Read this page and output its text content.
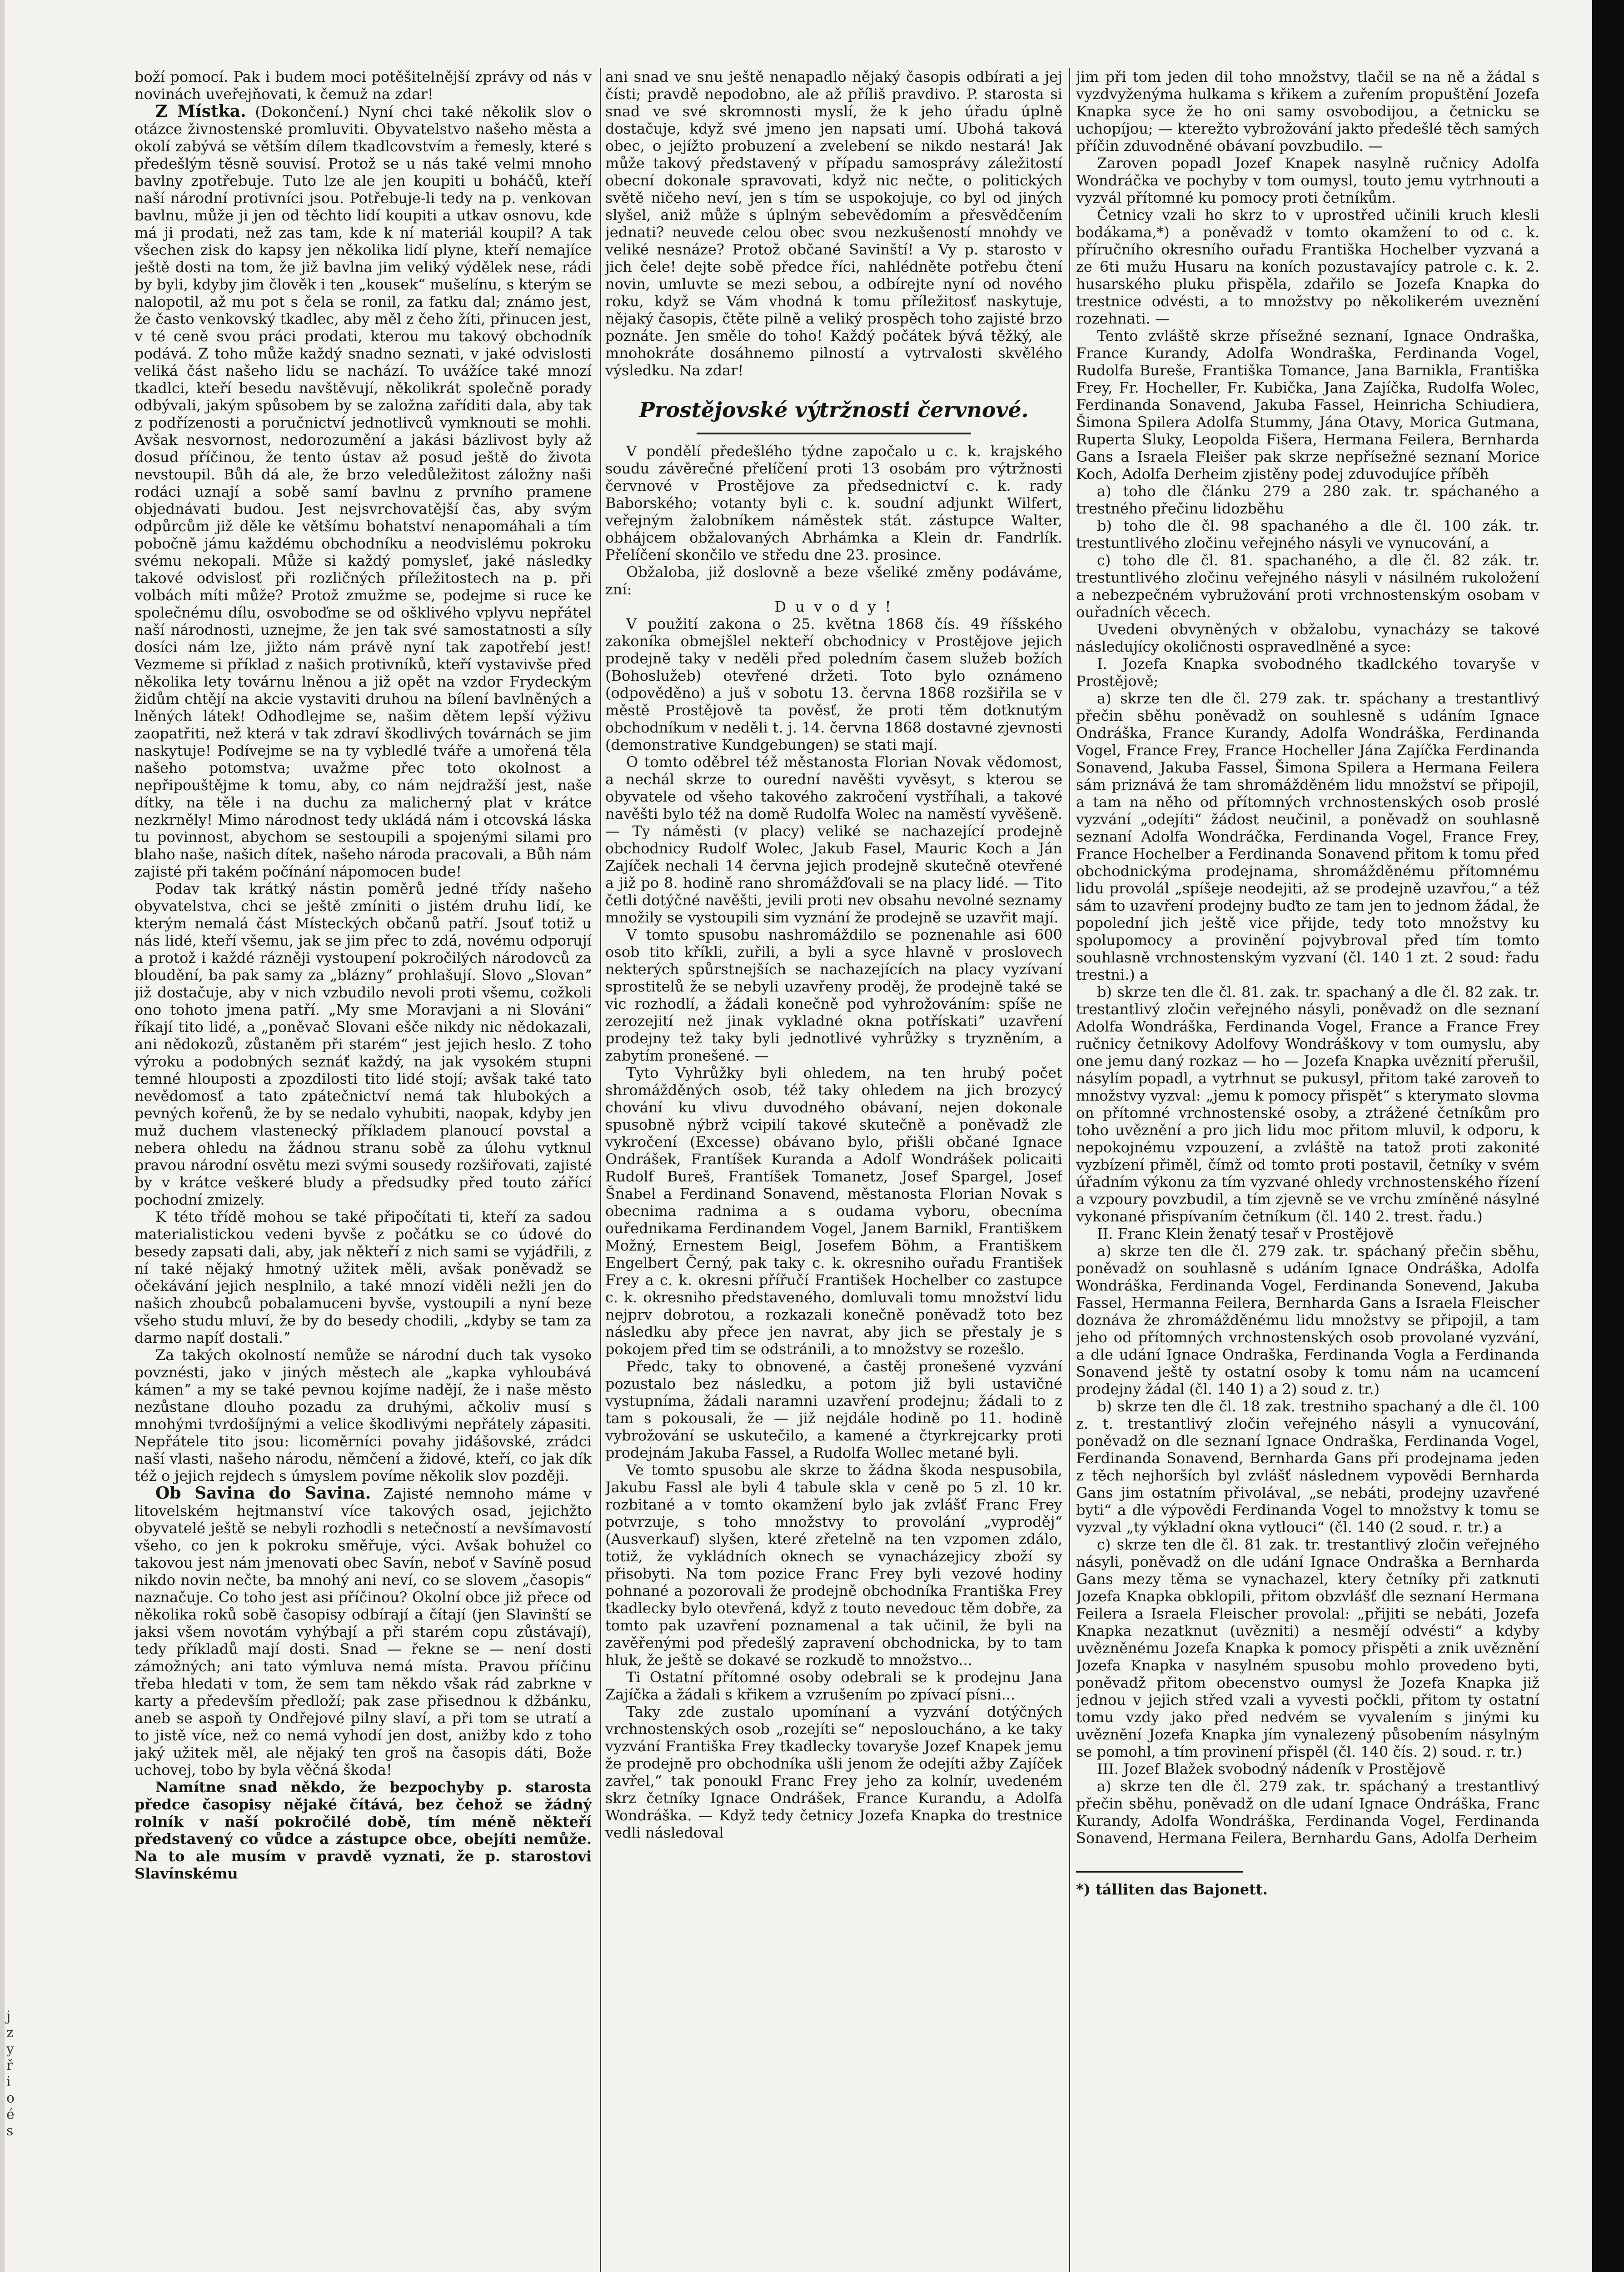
j
z
y
ř
i
o
é
s

boží pomocí. Pak i budem moci potěšitelnější zprávy od nás v novinách uveřejňovati, k čemuž na zdar!

Z Místka. (Dokončení.) Nyní chci také několik slov o otázce živnostenské promluviti. Obyvatelstvo našeho města a okolí zabývá se větším dílem tkadlcovstvím a řemesly, které s předešlým těsně souvisí. Protož se u nás také velmi mnoho bavlny zpotřebuje. Tuto lze ale jen koupiti u boháčů, kteří naší národní protivníci jsou. Potřebuje-li tedy na p. venkovan bavlnu, může ji jen od těchto lidí koupiti a utkav osnovu, kde má ji prodati, než zas tam, kde k ní materiál koupil? A tak všechen zisk do kapsy jen několika lidí plyne, kteří nemajíce ještě dosti na tom, že již bavlna jim veliký výdělek nese, rádi by byli, kdyby jim člověk i ten „kousek“ mušelínu, s kterým se nalopotil, až mu pot s čela se ronil, za fatku dal; známo jest, že často venkovský tkadlec, aby měl z čeho žíti, přinucen jest, v té ceně svou práci prodati, kterou mu takový obchodník podává. Z toho může každý snadno seznati, v jaké odvislosti veliká část našeho lidu se nachází. To uvážíce také mnozí tkadlci, kteří besedu navštěvují, několikrát společně porady odbývali, jakým spůsobem by se založna zaříditi dala, aby tak z podřízenosti a poručnictví jednotlivců vymknouti se mohli. Avšak nesvornost, nedorozumění a jakási bázlivost byly až dosud příčinou, že tento ústav až posud ještě do života nevstoupil. Bůh dá ale, že brzo veledůležitost záložny naši rodáci uznají a sobě samí bavlnu z prvního pramene objednávati budou. Jest nejsvrchovatější čas, aby svým odpůrcům již děle ke většímu bohatství nenapomáhali a tím pobočně jámu každému obchodníku a neodvislému pokroku svému nekopali. Může si každý pomysleť, jaké následky takové odvislosť při rozličných příležitostech na p. při volbách míti může? Protož zmužme se, podejme si ruce ke společnému dílu, osvoboďme se od ošklivého vplyvu nepřátel naší národnosti, uznejme, že jen tak své samostatnosti a síly dosíci nám lze, jižto nám právě nyní tak zapotřebí jest! Vezmeme si příklad z našich protivníků, kteří vystavivše před několika lety továrnu lněnou a již opět na vzdor Frydeckým židům chtějí na akcie vystaviti druhou na bílení bavlněných a lněných látek! Odhodlejme se, našim dětem lepší výživu zaopatřiti, než která v tak zdraví škodlivých továrnách se jim naskytuje! Podívejme se na ty vybledlé tváře a umořená těla našeho potomstva; uvažme přec toto okolnost a nepřipouštějme k tomu, aby, co nám nejdražší jest, naše dítky, na těle i na duchu za malicherný plat v krátce nezkrněly! Mimo národnost tedy ukládá nám i otcovská láska tu povinnost, abychom se sestoupili a spojenými silami pro blaho naše, našich dítek, našeho národa pracovali, a Bůh nám zajisté při takém počínání nápomocen bude!

Podav tak krátký nástin poměrů jedné třídy našeho obyvatelstva, chci se ještě zmíniti o jistém druhu lidí, ke kterým nemalá část Místeckých občanů patří. Jsouť totiž u nás lidé, kteří všemu, jak se jim přec to zdá, novému odporují a protož i každé rázněji vystoupení pokročilých národovců za bloudění, ba pak samy za „bláznyˮ prohlašují. Slovo „Slovanˮ již dostačuje, aby v nich vzbudilo nevoli proti všemu, cožkoli ono tohoto jmena patří. „My sme Moravjani a ni Slováni“ říkají tito lidé, a „poněvač Slovani ešče nikdy nic nědokazali, ani nědokozů, zůstaněm při starém“ jest jejich heslo. Z toho výroku a podobných seznáť každý, na jak vysokém stupni temné hlouposti a zpozdilosti tito lidé stojí; avšak také tato nevědomosť a tato zpátečnictví nemá tak hlubokých a pevných kořenů, že by se nedalo vyhubiti, naopak, kdyby jen muž duchem vlastenecký příkladem planoucí povstal a nebera ohledu na žádnou stranu sobě za úlohu vytknul pravou národní osvětu mezi svými sousedy rozšiřovati, zajisté by v krátce veškeré bludy a předsudky před touto zářící pochodní zmizely.

K této třídě mohou se také připočítati ti, kteří za sadou materialistickou vedeni byvše z počátku se co údové do besedy zapsati dali, aby, jak někteří z nich sami se vyjádřili, z ní také nějaký hmotný užitek měli, avšak poněvadž se očekávání jejich nesplnilo, a také mnozí viděli nežli jen do našich zhoubců pobalamuceni byvše, vystoupili a nyní beze všeho studu mluví, že by do besedy chodili, „kdyby se tam za darmo napíť dostali.ˮ

Za takých okolností nemůže se národní duch tak vysoko povznésti, jako v jiných městech ale „kapka vyhloubává kámenˮ a my se také pevnou kojíme nadějí, že i naše město nezůstane dlouho pozadu za druhými, ačkoliv musí s mnohými tvrdošíjnými a velice škodlivými nepřátely zápasiti. Nepřátele tito jsou: licoměrníci povahy jidášovské, zrádci naší vlasti, našeho národu, němčení a židové, kteří, co jak dík též o jejich rejdech s úmyslem povíme několik slov později.

Ob Savina do Savina. Zajisté nemnoho máme v litovelském hejtmanství více takových osad, jejichžto obyvatelé ještě se nebyli rozhodli s netečností a nevšímavostí všeho, co jen k pokroku směřuje, výci. Avšak bohužel co takovou jest nám jmenovati obec Savín, neboť v Savíně posud nikdo novin nečte, ba mnohý ani neví, co se slovem „časopis“ naznačuje. Co toho jest asi příčinou? Okolní obce již přece od několika roků sobě časopisy odbírají a čítají (jen Slavinští se jaksi všem novotám vyhýbají a při starém copu zůstávají), tedy příkladů mají dosti. Snad — řekne se — není dosti zámožných; ani tato výmluva nemá místa. Pravou příčinu třeba hledati v tom, že sem tam někdo však rád zabrkne v karty a především předloží; pak zase přisednou k džbánku, aneb se aspoň ty Ondřejové pilny slaví, a při tom se utratí a to jistě více, než co nemá vyhodí jen dost, anižby kdo z toho jaký užitek měl, ale nějaký ten groš na časopis dáti, Bože uchovej, tobo by byla věčná škoda!

Namítne snad někdo, že bezpochyby p. starosta předce časopisy nějaké čítává, bez čehož se žádný rolník v naší pokročilé době, tím méně někteří představený co vůdce a zástupce obce, obejíti nemůže. Na to ale musím v pravdě vyznati, že p. starostovi Slavínskému

ani snad ve snu ještě nenapadlo nějaký časopis odbírati a jej čísti; pravdě nepodobno, ale až příliš pravdivo. P. starosta si snad ve své skromnosti myslí, že k jeho úřadu úplně dostačuje, když své jmeno jen napsati umí. Ubohá taková obec, o jejížto probuzení a zvelebení se nikdo nestará! Jak může takový představený v případu samosprávy záležitostí obecní dokonale spravovati, když nic nečte, o politických světě ničeho neví, jen s tím se uspokojuje, co byl od jiných slyšel, aniž může s úplným sebevědomím a přesvědčením jednati? neuvede celou obec svou nezkušeností mnohdy ve veliké nesnáze? Protož občané Savinští! a Vy p. starosto v jich čele! dejte sobě předce říci, nahlédněte potřebu čtení novin, umluvte se mezi sebou, a odbírejte nyní od nového roku, když se Vám vhodná k tomu příležitosť naskytuje, nějaký časopis, čtěte pilně a veliký prospěch toho zajisté brzo poznáte. Jen směle do toho! Každý počátek bývá těžký, ale mnohokráte dosáhnemo pilností a vytrvalosti skvělého výsledku. Na zdar!

Prostějovské výtržnosti červnové.

V pondělí předešlého týdne započalo u c. k. krajského soudu závěrečné přelíčení proti 13 osobám pro výtržnosti červnové v Prostějove za předsednictví c. k. rady Baborského; votanty byli c. k. soudní adjunkt Wilfert, veřejným žalobníkem náměstek stát. zástupce Walter, obhájcem obžalovaných Abrhámka a Klein dr. Fandrlík. Přelíčení skončilo ve středu dne 23. prosince.

Obžaloba, již doslovně a beze všeliké změny podáváme, zní:

D u v o d y !

V použití zakona o 25. května 1868 čís. 49 říšského zakoníka obmejšlel nekteří obchodnicy v Prostějove jejich prodejně taky v neděli před poledním časem služeb božích (Bohoslužeb) otevřené držeti. Toto bylo oznámeno (odpověděno) a juš v sobotu 13. června 1868 rozšiřila se v městě Prostějově ta pověsť, že proti těm dotknutým obchodníkum v neděli t. j. 14. června 1868 dostavné zjevnosti (demonstrative Kundgebungen) se stati mají.

O tomto oděbrel též městanosta Florian Novak vědomost, a nechál skrze to ourední navěšti vyvěsyt, s kterou se obyvatele od všeho takového zakročení vystříhali, a takové navěšti bylo též na domě Rudolfa Wolec na naměstí vyvěšeně. — Ty náměsti (v placy) veliké se nachazející prodejně obchodnicy Rudolf Wolec, Jakub Fasel, Mauric Koch a Ján Zajíček nechali 14 června jejich prodejně skutečně otevřené a již po 8. hodině rano shromážďovali se na placy lidé. — Tito četli dotýčné navěšti, jevili proti nev obsahu nevolné seznamy množily se vystoupili sim vyznání že prodejně se uzavřit mají.

V tomto spusobu nashromáždilo se poznenahle asi 600 osob tito kříkli, zuřili, a byli a syce hlavně v proslovech nekterých spůrstnejších se nachazejících na placy vyzívaní sprostitelů že se nebyli uzavřeny proděj, že prodejně také se vic rozhodlí, a žádali konečně pod vyhrožováním: spíše ne zerozejití než jinak vykladné okna potřískatiˮ uzavření prodejny tež taky byli jednotlivé vyhrůžky s tryzněním, a zabytím pronešené. —

Tyto Vyhrůžky byli ohledem, na ten hrubý počet shromážděných osob, též taky ohledem na jich brozycý chování ku vlivu duvodného obávaní, nejen dokonale spusobně nýbrž vcipilí takové skutečně a poněvadž zle vykročení (Excesse) obávano bylo, přišli občané Ignace Ondrášek, Frantíšek Kuranda a Adolf Wondrášek policaiti Rudolf Bureš, Frantíšek Tomanetz, Josef Spargel, Josef Šnabel a Ferdinand Sonavend, městanosta Florian Novak s obecnima radnima a s oudama vyboru, obecníma ouřednikama Ferdinandem Vogel, Janem Barnikl, Františkem Možný, Ernestem Beigl, Josefem Böhm, a Františkem Engelbert Černý, pak taky c. k. okresniho ouřadu František Frey a c. k. okresni přířučí František Hochelber co zastupce c. k. okresniho představeného, domluvali tomu množství lidu nejprv dobrotou, a rozkazali konečně poněvadž toto bez následku aby přece jen navrat, aby jich se přestaly je s pokojem před tim se odstránili, a to množstvy se rozešlo.

Předc, taky to obnovené, a častěj pronešené vyzvání pozustalo bez následku, a potom již byli ustavičné vystupníma, žádali naramni uzavření prodejnu; žádali to z tam s pokousali, že — již nejdále hodině po 11. hodině vybrožování se uskutečilo, a kamené a čtyrkrejcarky proti prodejnám Jakuba Fassel, a Rudolfa Wollec metané byli.

Ve tomto spusobu ale skrze to žádna škoda nespusobila, Jakubu Fassl ale byli 4 tabule skla v ceně po 5 zl. 10 kr. rozbitané a v tomto okamžení bylo jak zvlášť Franc Frey potvrzuje, s toho množstvy to provolání „vyproděj“ (Ausverkauf) slyšen, které zřetelně na ten vzpomen zdálo, totiž, že vykládních oknech se vynacházejicy zboží sy přisobyti. Na tom pozice Franc Frey byli vezové hodiny pohnané a pozorovali že prodejně obchodníka Františka Frey tkadlecky bylo otevřená, když z touto nevedouc těm dobře, za tomto pak uzavření poznamenal a tak učinil, že byli na zavěřenými pod předešlý zapravení obchodnicka, by to tam hluk, že ještě se dokavé se rozkudě to množstvo...

Ti Ostatní přítomné osoby odebrali se k prodejnu Jana Zajíčka a žádali s křikem a vzrušením po zpívací písni...

Taky zde zustalo upomínaní a vyzvání dotýčných vrchnostenských osob „rozejíti se“ neposloucháno, a ke taky vyzvání Františka Frey tkadlecky tovaryše Jozef Knapek jemu že prodejně pro obchodníka ušli jenom že odejíti ažby Zajíček zavřel,“ tak ponoukl Franc Frey jeho za kolnír, uvedeném skrz četníky Ignace Ondrášek, France Kurandu, a Adolfa Wondráška. — Když tedy četnicy Jozefa Knapka do trestnice vedli následoval

jim při tom jeden dil toho množstvy, tlačil se na ně a žádal s vyzdvyženýma hulkama s křikem a zuřením propuštění Jozefa Knapka syce že ho oni samy osvobodijou, a četnicku se uchopíjou; — kterežto vybrožování jakto předešlé těch samých příčin zduvodněné obávaní povzbudilo. —

Zaroven popadl Jozef Knapek nasylně ručnicy Adolfa Wondráčka ve pochyby v tom oumysl, touto jemu vytrhnouti a vyzvál přítomné ku pomocy proti četníkům.

Četnicy vzali ho skrz to v uprostřed učinili kruch klesli bodákama,*) a poněvadž v tomto okamžení to od c. k. příručního okresního ouřadu Františka Hochelber vyzvaná a ze 6ti mužu Husaru na koních pozustavajícy patrole c. k. 2. husarského pluku přispěla, zdařilo se Jozefa Knapka do trestnice odvésti, a to množstvy po několikerém uveznění rozehnati. —

Tento zvláště skrze přísežné seznaní, Ignace Ondraška, France Kurandy, Adolfa Wondraška, Ferdinanda Vogel, Rudolfa Bureše, Františka Tomance, Jana Barnikla, Františka Frey, Fr. Hocheller, Fr. Kubička, Jana Zajíčka, Rudolfa Wolec, Ferdinanda Sonavend, Jakuba Fassel, Heinricha Schiudiera, Šimona Spilera Adolfa Stummy, Jána Otavy, Morica Gutmana, Ruperta Sluky, Leopolda Fišera, Hermana Feilera, Bernharda Gans a Israela Fleišer pak skrze nepřísežné seznaní Morice Koch, Adolfa Derheim zjistěny podej zduvodujíce příběh

a) toho dle článku 279 a 280 zak. tr. spáchaného a trestného přečinu lidozběhu

b) toho dle čl. 98 spachaného a dle čl. 100 zák. tr. trestuntlivého zločinu veřejného násyli ve vynucování, a

c) toho dle čl. 81. spachaného, a dle čl. 82 zák. tr. trestuntlivého zločinu veřejného násyli v násilném rukoložení a nebezpečném vybružování proti vrchnostenským osobam v ouřadních věcech.

Uvedeni obvyněných v obžalobu, vynacházy se takové následujícy okoličnosti ospravedlněné a syce:

I. Jozefa Knapka svobodného tkadlckého tovaryše v Prostějově;

a) skrze ten dle čl. 279 zak. tr. spáchany a trestantlivý přečin sběhu poněvadž on souhlesně s udáním Ignace Ondráška, France Kurandy, Adolfa Wondráška, Ferdinanda Vogel, France Frey, France Hocheller Jána Zajíčka Ferdinanda Sonavend, Jakuba Fassel, Šimona Spilera a Hermana Feilera sám priznává že tam shromážděném lidu množství se připojil, a tam na něho od přítomných vrchnostenských osob proslé vyzvání „odejíti“ žádost neučinil, a poněvadž on souhlasně seznaní Adolfa Wondráčka, Ferdinanda Vogel, France Frey, France Hochelber a Ferdinanda Sonavend přitom k tomu před obchodnickýma prodejnama, shromážděnému přítomnému lidu provolál „spíšeje neodejiti, až se prodejně uzavřou,“ a též sám to uzavření prodejny buďto ze tam jen to jednom žádal, že popolední jich ještě vice přijde, tedy toto množstvy ku spolupomocy a provinění pojvybroval před tím tomto souhlasně vrchnostenským vyzvaní (čl. 140 1 zt. 2 soud: řadu trestni.) a

b) skrze ten dle čl. 81. zak. tr. spachaný a dle čl. 82 zak. tr. trestantlivý zločin veřejného násyli, poněvadž on dle seznaní Adolfa Wondráška, Ferdinanda Vogel, Francе a France Frey ručnicy četnikovy Adolfovy Wondráškovy v tom oumyslu, aby one jemu daný rozkaz — ho — Jozefa Knapka uvěznití přerušil, násylím popadl, a vytrhnut se pukusyl, přitom také zaroveň to množstvy vyzval: „jemu k pomocy přispět“ s kterymato slovma on přítomné vrchnostenské osoby, a ztrážené četníkům pro toho uvěznění a pro jich lidu moc přitom mluvil, k odporu, k nepokojnému vzpouzení, a zvláště na tatož proti zakonité vyzbízení přiměl, čímž od tomto proti postavil, četníky v svém úřadním výkonu za tím vyzvané ohledy vrchnostenského řízení a vzpoury povzbudil, a tím zjevně se ve vrchu zmíněné násylné vykonané přispívaním četníkum (čl. 140 2. trest. řadu.)

II. Franc Klein ženatý tesař v Prostějově

a) skrze ten dle čl. 279 zak. tr. spáchaný přečin sběhu, poněvadž on souhlasně s udáním Ignace Ondráška, Adolfa Wondráška, Ferdinanda Vogel, Ferdinanda Sonevend, Jakuba Fassel, Hermanna Feilera, Bernharda Gans a Israela Fleischer doznáva že zhromážděnému lidu množstvy se připojil, a tam jeho od přítomných vrchnostenských osob provolané vyzvání, a dle udání Ignace Ondraška, Ferdinanda Vogla a Ferdinanda Sonavend ještě ty ostatní osoby k tomu nám na ucamcení prodejny žádal (čl. 140 1) a 2) soud z. tr.)

b) skrze ten dle čl. 18 zak. trestniho spachaný a dle čl. 100 z. t. trestantlivý zločin veřejného násyli a vynucování, poněvadž on dle seznaní Ignace Ondraška, Ferdinanda Vogel, Ferdinanda Sonavend, Bernharda Gans při prodejnama jeden z těch nejhorších byl zvlášť následnem vypovědi Bernharda Gans jim ostatním přivolával, „se nebáti, prodejny uzavřené byti“ a dle výpovědi Ferdinanda Vogel to množstvy k tomu se vyzval „ty výkladní okna vytlouci“ (čl. 140 (2 soud. r. tr.) a

c) skrze ten dle čl. 81 zak. tr. trestantlivý zločin veřejného násyli, poněvadž on dle udání Ignace Ondraška a Bernharda Gans mezy těma se vynachazel, ktery četníky při zatknuti Jozefa Knapka obklopili, přitom obzvlášť dle seznaní Hermana Feilera a Israela Fleischer provolal: „přijiti se nebáti, Jozefa Knapka nezatknut (uvězniti) a nesmějí odvésti“ a kdyby uvězněnému Jozefa Knapka k pomocy přispěti a znik uvěznění Jozefa Knapka v nasylném spusobu mohlo provedeno byti, poněvadž přitom obecenstvo oumysl že Jozefa Knapka již jednou v jejich střed vzali a vyvesti počkli, přitom ty ostatní tomu vzdy jako před nedvém se vyvalením s jinými ku uvěznění Jozefa Knapka jím vynalezený působením násylným se pomohl, a tím provinení přispěl (čl. 140 čís. 2) soud. r. tr.)

III. Jozef Blažek svobodný nádeník v Prostějově

a) skrze ten dle čl. 279 zak. tr. spáchaný a trestantlivý přečin sběhu, poněvadž on dle udaní Ignace Ondráška, Franc Kurandy, Adolfa Wondráška, Ferdinanda Vogel, Ferdinanda Sonavend, Hermana Feilera, Bernhardu Gans, Adolfa Derheim

*) tálliten das Bajonett.
